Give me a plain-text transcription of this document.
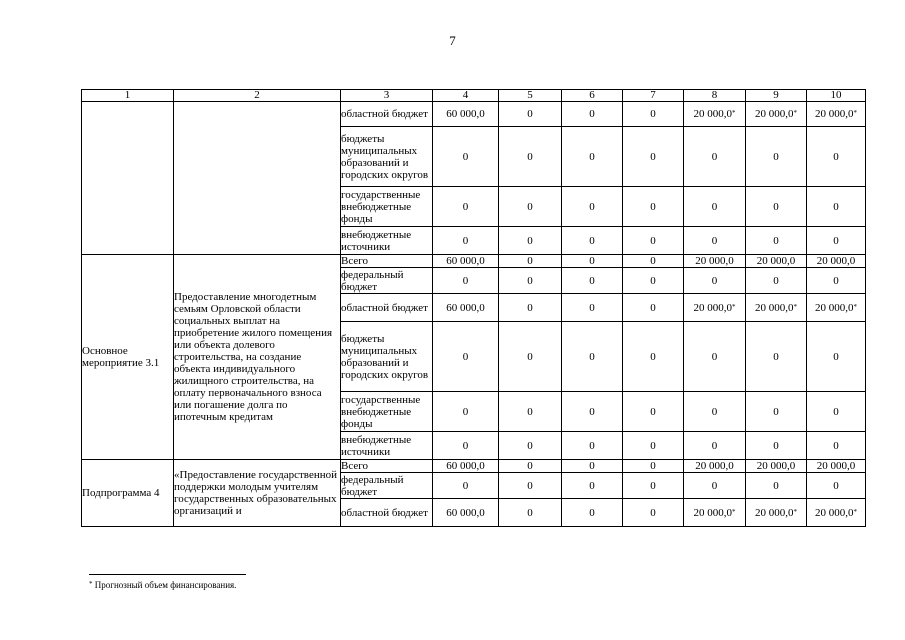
7
1	2	3	4	5	6	7	8	9	10
		областной бюджет	60 000,0	0	0	0	20 000,0*	20 000,0*	20 000,0*
		бюджеты муниципальных образований и городских округов	0	0	0	0	0	0	0
		государственные внебюджетные фонды	0	0	0	0	0	0	0
		внебюджетные источники	0	0	0	0	0	0	0
Основное мероприятие 3.1	Предоставление многодетным семьям Орловской области социальных выплат на приобретение жилого помещения или объекта долевого строительства, на создание объекта индивидуального жилищного строительства, на оплату первоначального взноса или погашение долга по ипотечным кредитам	Всего	60 000,0	0	0	0	20 000,0	20 000,0	20 000,0
		федеральный бюджет	0	0	0	0	0	0	0
		областной бюджет	60 000,0	0	0	0	20 000,0*	20 000,0*	20 000,0*
		бюджеты муниципальных образований и городских округов	0	0	0	0	0	0	0
		государственные внебюджетные фонды	0	0	0	0	0	0	0
		внебюджетные источники	0	0	0	0	0	0	0
Подпрограмма 4	«Предоставление государственной поддержки молодым учителям государственных образовательных организаций и	Всего	60 000,0	0	0	0	20 000,0	20 000,0	20 000,0
		федеральный бюджет	0	0	0	0	0	0	0
		областной бюджет	60 000,0	0	0	0	20 000,0*	20 000,0*	20 000,0*
* Прогнозный объем финансирования.
